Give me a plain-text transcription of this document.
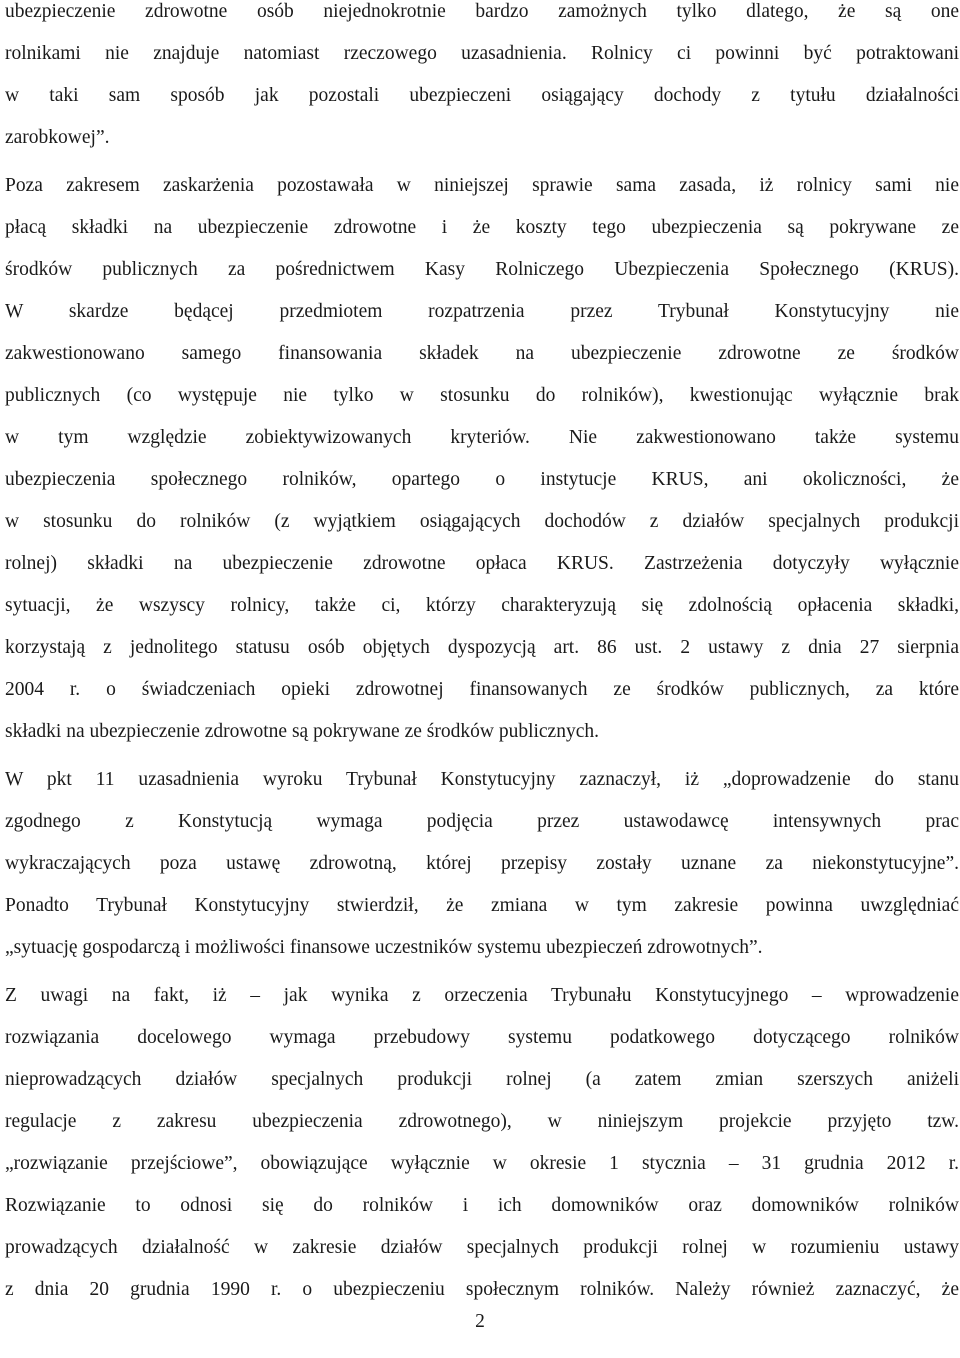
ubezpieczenie zdrowotne osób niejednokrotnie bardzo zamożnych tylko dlatego, że są one
rolnikami nie znajduje natomiast rzeczowego uzasadnienia. Rolnicy ci powinni być potraktowani
w taki sam sposób jak pozostali ubezpieczeni osiągający dochody z tytułu działalności
zarobkowej”.
Poza zakresem zaskarżenia pozostawała w niniejszej sprawie sama zasada, iż rolnicy sami nie
płacą składki na ubezpieczenie zdrowotne i że koszty tego ubezpieczenia są pokrywane ze
środków publicznych za pośrednictwem Kasy Rolniczego Ubezpieczenia Społecznego (KRUS).
W skardze będącej przedmiotem rozpatrzenia przez Trybunał Konstytucyjny nie
zakwestionowano samego finansowania składek na ubezpieczenie zdrowotne ze środków
publicznych (co występuje nie tylko w stosunku do rolników), kwestionując wyłącznie brak
w tym względzie zobiektywizowanych kryteriów. Nie zakwestionowano także systemu
ubezpieczenia społecznego rolników, opartego o instytucje KRUS, ani okoliczności, że
w stosunku do rolników (z wyjątkiem osiągających dochodów z działów specjalnych produkcji
rolnej) składki na ubezpieczenie zdrowotne opłaca KRUS. Zastrzeżenia dotyczyły wyłącznie
sytuacji, że wszyscy rolnicy, także ci, którzy charakteryzują się zdolnością opłacenia składki,
korzystają z jednolitego statusu osób objętych dyspozycją art. 86 ust. 2 ustawy z dnia 27 sierpnia
2004 r. o świadczeniach opieki zdrowotnej finansowanych ze środków publicznych, za które
składki na ubezpieczenie zdrowotne są pokrywane ze środków publicznych.
W pkt 11 uzasadnienia wyroku Trybunał Konstytucyjny zaznaczył, iż „doprowadzenie do stanu
zgodnego z Konstytucją wymaga podjęcia przez ustawodawcę intensywnych prac
wykraczających poza ustawę zdrowotną, której przepisy zostały uznane za niekonstytucyjne”.
Ponadto Trybunał Konstytucyjny stwierdził, że zmiana w tym zakresie powinna uwzględniać
„sytuację gospodarczą i możliwości finansowe uczestników systemu ubezpieczeń zdrowotnych”.
Z uwagi na fakt, iż – jak wynika z orzeczenia Trybunału Konstytucyjnego – wprowadzenie
rozwiązania docelowego wymaga przebudowy systemu podatkowego dotyczącego rolników
nieprowadzących działów specjalnych produkcji rolnej (a zatem zmian szerszych aniżeli
regulacje z zakresu ubezpieczenia zdrowotnego), w niniejszym projekcie przyjęto tzw.
„rozwiązanie przejściowe”, obowiązujące wyłącznie w okresie 1 stycznia – 31 grudnia 2012 r.
Rozwiązanie to odnosi się do rolników i ich domowników oraz domowników rolników
prowadzących działalność w zakresie działów specjalnych produkcji rolnej w rozumieniu ustawy
z dnia 20 grudnia 1990 r. o ubezpieczeniu społecznym rolników. Należy również zaznaczyć, że
2
